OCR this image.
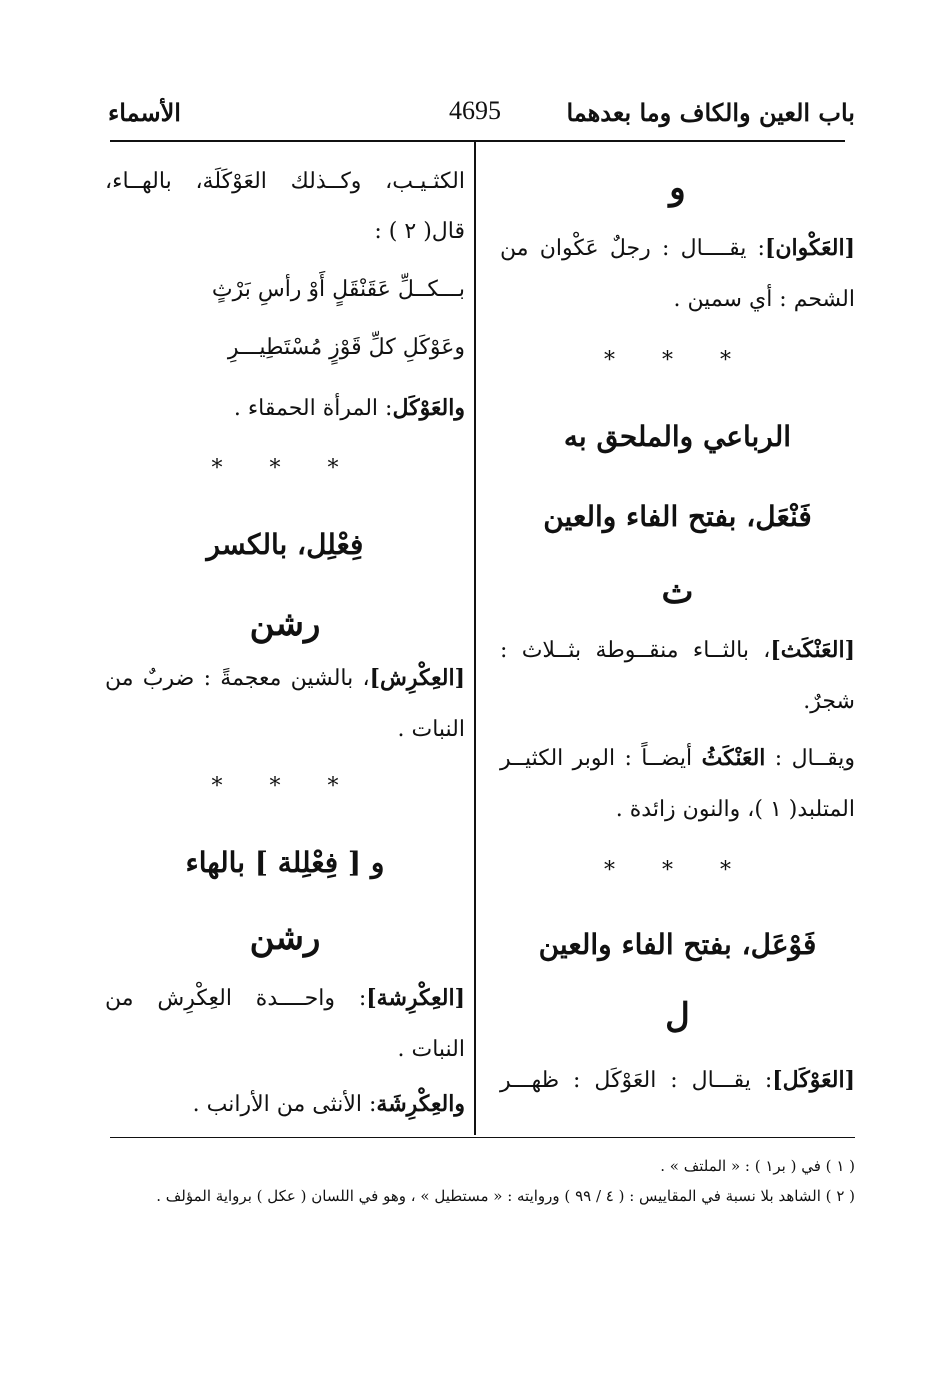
باب العين والكاف وما بعدهما
4695
الأسماء
و
[العَكْوان]: يقــــال : رجلٌ عَكْوان من
الشحم : أي سمين .
* * *
الرباعي والملحق به
فَنْعَل، بفتح الفاء والعين
ث
[العَنْكَث]، بالثــاء منقــوطة بثــلاث :
شجرٌ.
ويقــال : العَنْكَثُ أيضــاً : الوبر الكثيــر
المتلبد( ١ )، والنون زائدة .
* * *
فَوْعَل، بفتح الفاء والعين
ل
[العَوْكَل]: يقـــال : العَوْكَل : ظهـــر
الكثـيـب، وكــذلك العَوْكَلَة، بالهــاء،
قال( ٢ ) :
بـــكــلِّ عَقَنْقَلٍ أَوْ رأسِ بَرْثٍ
وعَوْكَلِ كلِّ قَوْزٍ مُسْتَطِيـــرِ
والعَوْكَل: المرأة الحمقاء .
* * *
فِعْلِل، بالكسر
رشن
[العِكْرِش]، بالشين معجمةً : ضربٌ من
النبات .
* * *
و [ فِعْلِلة ] بالهاء
رشن
[العِكْرِشة]: واحــــدة العِكْرِش من
النبات .
والعِكْرِشَة: الأنثى من الأرانب .
( ١ ) في ( بر١ ) : « الملتف » .
( ٢ ) الشاهد بلا نسبة في المقاييس : ( ٤ / ٩٩ ) وروايته : « مستطيل » ، وهو في اللسان ( عكل ) برواية المؤلف .
